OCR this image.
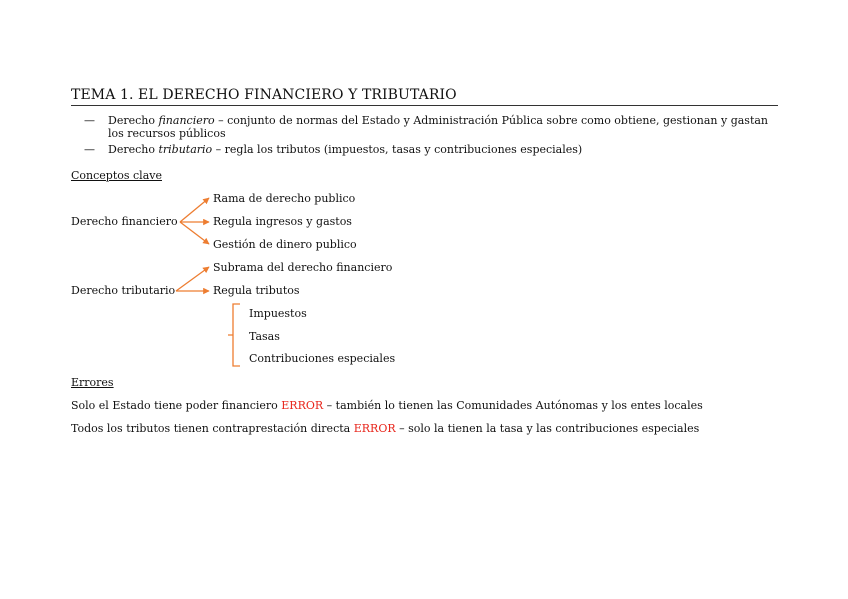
TEMA 1. EL DERECHO FINANCIERO Y TRIBUTARIO
— Derecho financiero – conjunto de normas del Estado y Administración Pública sobre como obtiene, gestionan y gastan los recursos públicos
— Derecho tributario – regla los tributos (impuestos, tasas y contribuciones especiales)
Conceptos clave
Derecho financiero
Rama de derecho publico
Regula ingresos y gastos
Gestión de dinero publico
Derecho tributario
Subrama del derecho financiero
Regula tributos
Impuestos
Tasas
Contribuciones especiales
Errores
Solo el Estado tiene poder financiero ERROR – también lo tienen las Comunidades Autónomas y los entes locales
Todos los tributos tienen contraprestación directa ERROR – solo la tienen la tasa y las contribuciones especiales
